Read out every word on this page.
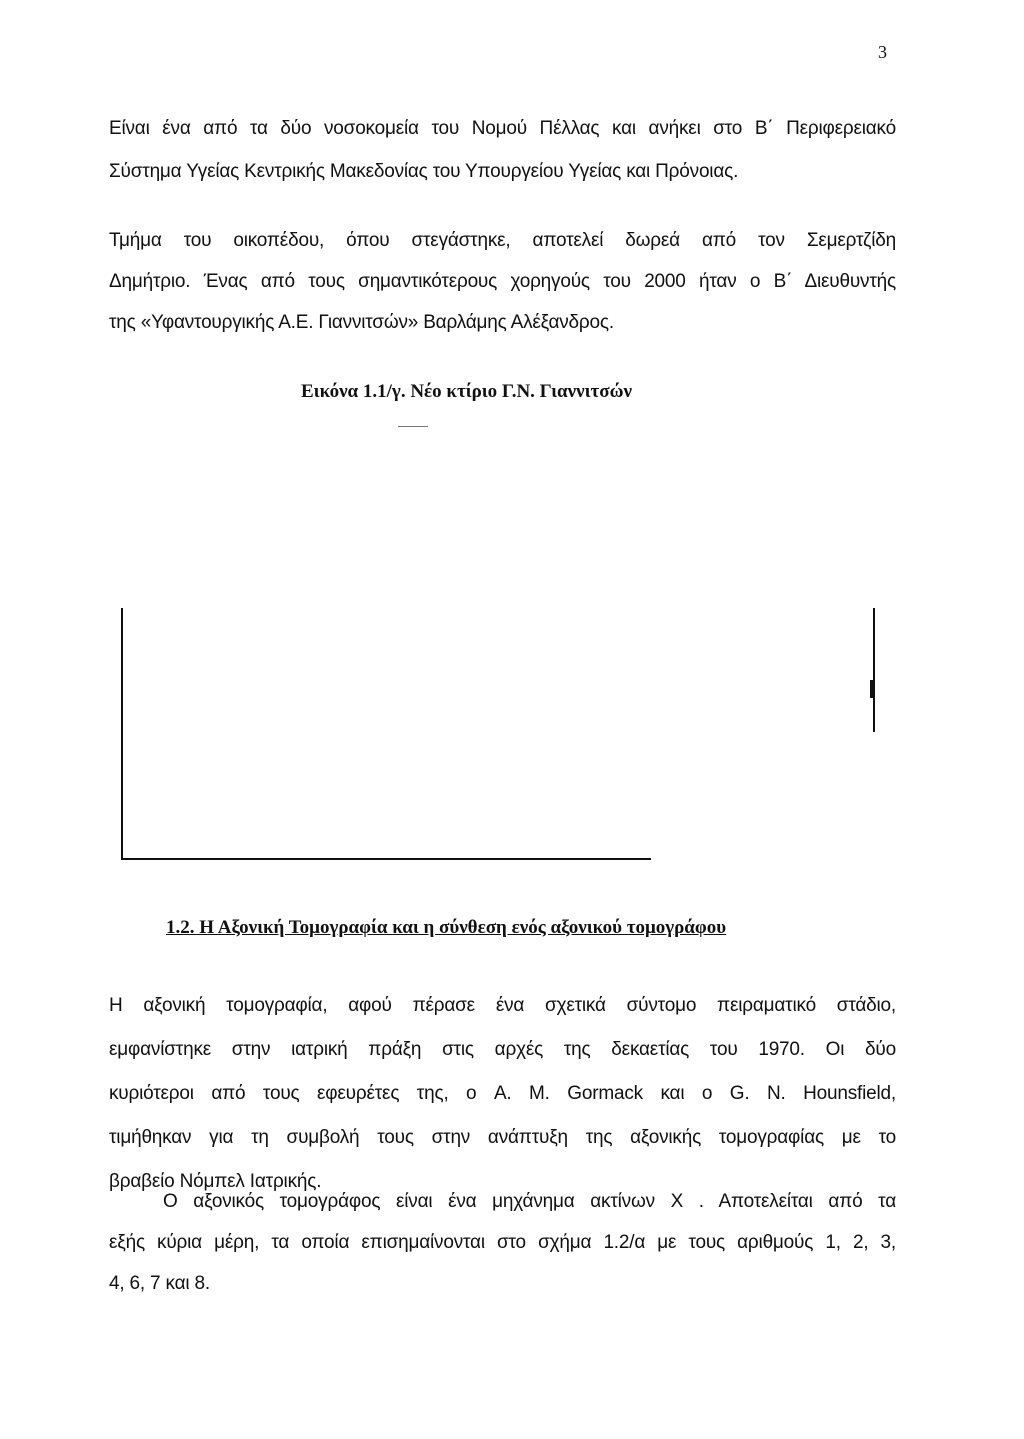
3
Είναι ένα από τα δύο νοσοκομεία του Νομού Πέλλας και ανήκει στο Β΄ Περιφερειακό
Σύστημα Υγείας Κεντρικής Μακεδονίας του Υπουργείου Υγείας και Πρόνοιας.
Τμήμα του οικοπέδου, όπου στεγάστηκε, αποτελεί δωρεά από τον Σεμερτζίδη
Δημήτριο. Ένας από τους σημαντικότερους χορηγούς του 2000 ήταν ο Β΄ Διευθυντής
της «Υφαντουργικής Α.Ε. Γιαννιτσών» Βαρλάμης Αλέξανδρος.
Εικόνα 1.1/γ. Νέο κτίριο Γ.Ν. Γιαννιτσών
1.2. Η Αξονική Τομογραφία και η σύνθεση ενός αξονικού τομογράφου
Η αξονική τομογραφία, αφού πέρασε ένα σχετικά σύντομο πειραματικό στάδιο,
εμφανίστηκε στην ιατρική πράξη στις αρχές της δεκαετίας του 1970. Οι δύο
κυριότεροι από τους εφευρέτες της, ο A. M. Gormack και ο G. N. Hounsfield,
τιμήθηκαν για τη συμβολή τους στην ανάπτυξη της αξονικής τομογραφίας με το
βραβείο Νόμπελ Ιατρικής.
Ο αξονικός τομογράφος είναι ένα μηχάνημα ακτίνων Χ . Αποτελείται από τα
εξής κύρια μέρη, τα οποία επισημαίνονται στο σχήμα 1.2/α με τους αριθμούς 1, 2, 3,
4, 6, 7 και 8.
